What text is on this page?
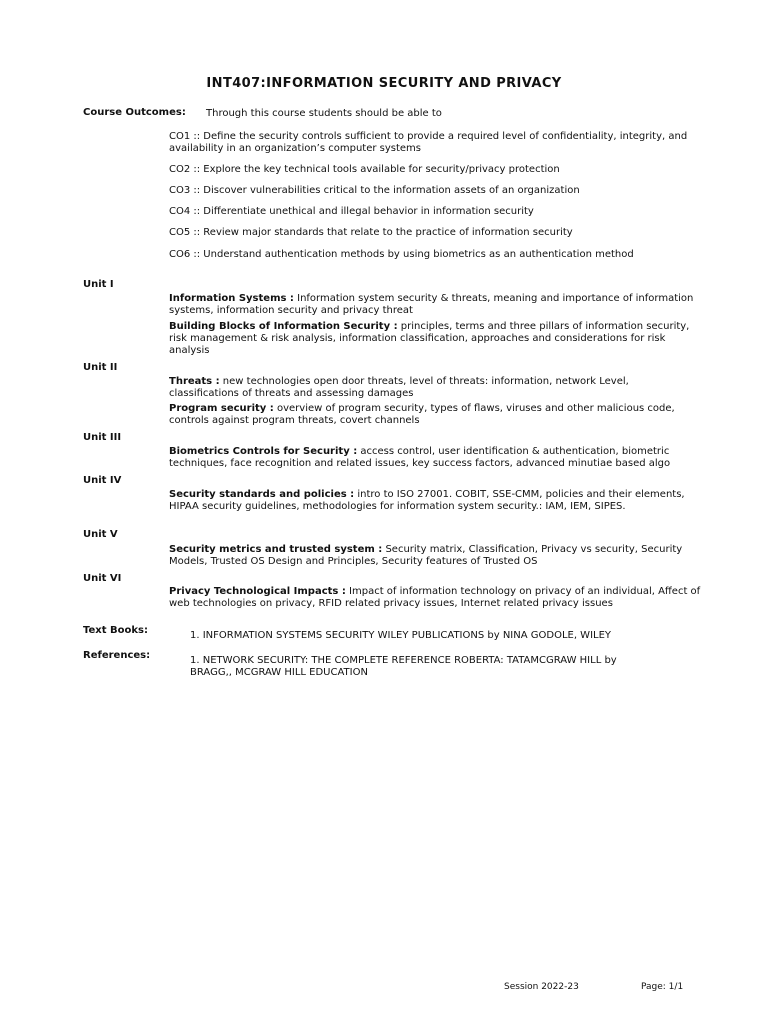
INT407:INFORMATION SECURITY AND PRIVACY
Course Outcomes: Through this course students should be able to
CO1 :: Define the security controls sufficient to provide a required level of confidentiality, integrity, and availability in an organization’s computer systems
CO2 :: Explore the key technical tools available for security/privacy protection
CO3 :: Discover vulnerabilities critical to the information assets of an organization
CO4 :: Differentiate unethical and illegal behavior in information security
CO5 :: Review major standards that relate to the practice of information security
CO6 :: Understand authentication methods by using biometrics as an authentication method
Unit I
Information Systems : Information system security & threats, meaning and importance of information systems, information security and privacy threat
Building Blocks of Information Security : principles, terms and three pillars of information security, risk management & risk analysis, information classification, approaches and considerations for risk analysis
Unit II
Threats : new technologies open door threats, level of threats: information, network Level, classifications of threats and assessing damages
Program security : overview of program security, types of flaws, viruses and other malicious code, controls against program threats, covert channels
Unit III
Biometrics Controls for Security : access control, user identification & authentication, biometric techniques, face recognition and related issues, key success factors, advanced minutiae based algo
Unit IV
Security standards and policies : intro to ISO 27001. COBIT, SSE-CMM, policies and their elements, HIPAA security guidelines, methodologies for information system security.: IAM, IEM, SIPES.
Unit V
Security metrics and trusted system : Security matrix, Classification, Privacy vs security, Security Models, Trusted OS Design and Principles, Security features of Trusted OS
Unit VI
Privacy Technological Impacts : Impact of information technology on privacy of an individual, Affect of web technologies on privacy, RFID related privacy issues, Internet related privacy issues
Text Books:	1. INFORMATION SYSTEMS SECURITY WILEY PUBLICATIONS by NINA GODOLE, WILEY
References:	1. NETWORK SECURITY: THE COMPLETE REFERENCE ROBERTA: TATAMCGRAW HILL by BRAGG,, MCGRAW HILL EDUCATION
Session 2022-23	Page: 1/1
